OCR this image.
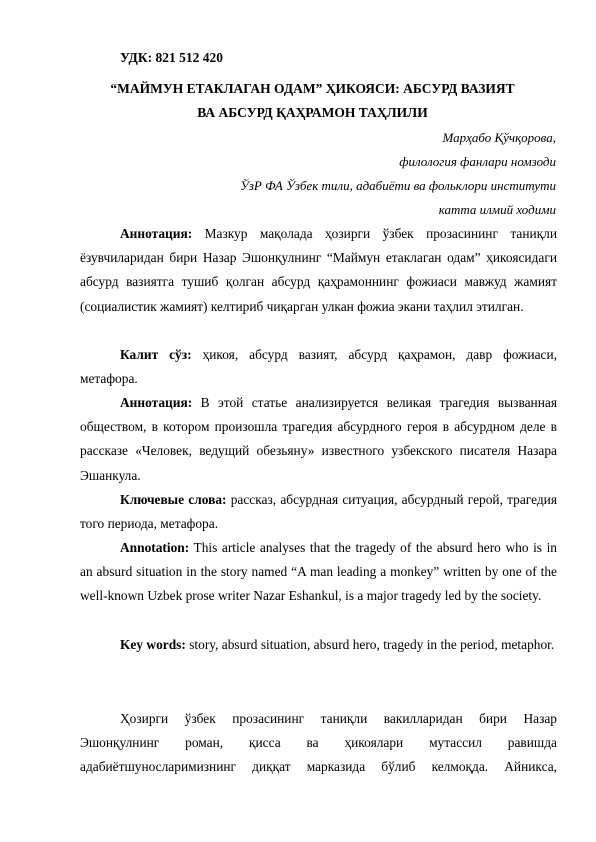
УДК: 821 512 420
“МАЙМУН ЕТАКЛАГАН ОДАМ” ҲИКОЯСИ: АБСУРД ВАЗИЯТ
ВА АБСУРД ҚАҲРАМОН ТАҲЛИЛИ
Марҳабо Қўчқорова,
филология фанлари номзоди
ЎзР ФА Ўзбек тили, адабиёти ва фольклори институти
катта илмий ходими

Аннотация: Мазкур мақолада ҳозирги ўзбек прозасининг таниқли ёзувчиларидан бири Назар Эшонқулнинг “Маймун етаклаган одам” ҳикоясидаги абсурд вазиятга тушиб қолган абсурд қаҳрамоннинг фожиаси мавжуд жамият (социалистик жамият) келтириб чиқарган улкан фожиа экани таҳлил этилган.

Калит сўз: ҳикоя, абсурд вазият, абсурд қаҳрамон, давр фожиаси, метафора.

Аннотация: В этой статье анализируется великая трагедия вызванная обществом, в котором произошла трагедия абсурдного героя в абсурдном деле в рассказе «Человек, ведущий обезьяну» известного узбекского писателя Назара Эшанкула.

Ключевые слова: рассказ, абсурдная ситуация, абсурдный герой, трагедия того периода, метафора.

Annotation: This article analyses that the tragedy of the absurd hero who is in an absurd situation in the story named “A man leading a monkey” written by one of the well-known Uzbek prose writer Nazar Eshankul, is a major tragedy led by the society.

Key words: story, absurd situation, absurd hero, tragedy in the period, metaphor.

Ҳозирги ўзбек прозасининг таниқли вакилларидан бири Назар Эшонқулнинг роман, қисса ва ҳикоялари мутассил равишда адабиётшуносларимизнинг диққат марказида бўлиб келмоқда. Айникса,
